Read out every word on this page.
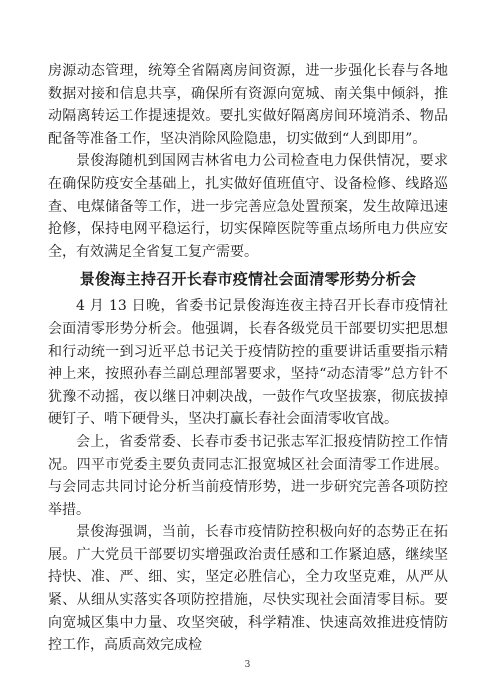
房源动态管理，统筹全省隔离房间资源，进一步强化长春与各地数据对接和信息共享，确保所有资源向宽城、南关集中倾斜，推动隔离转运工作提速提效。要扎实做好隔离房间环境消杀、物品配备等准备工作，坚决消除风险隐患，切实做到“人到即用”。

景俊海随机到国网吉林省电力公司检查电力保供情况，要求在确保防疫安全基础上，扎实做好值班值守、设备检修、线路巡查、电煤储备等工作，进一步完善应急处置预案，发生故障迅速抢修，保持电网平稳运行，切实保障医院等重点场所电力供应安全，有效满足全省复工复产需要。

景俊海主持召开长春市疫情社会面清零形势分析会

4 月 13 日晚，省委书记景俊海连夜主持召开长春市疫情社会面清零形势分析会。他强调，长春各级党员干部要切实把思想和行动统一到习近平总书记关于疫情防控的重要讲话重要指示精神上来，按照孙春兰副总理部署要求，坚持“动态清零”总方针不犹豫不动摇，夜以继日冲刺决战，一鼓作气攻坚拔寨，彻底拔掉硬钉子、啃下硬骨头，坚决打赢长春社会面清零收官战。

会上，省委常委、长春市委书记张志军汇报疫情防控工作情况。四平市党委主要负责同志汇报宽城区社会面清零工作进展。与会同志共同讨论分析当前疫情形势，进一步研究完善各项防控举措。

景俊海强调，当前，长春市疫情防控积极向好的态势正在拓展。广大党员干部要切实增强政治责任感和工作紧迫感，继续坚持快、准、严、细、实，坚定必胜信心，全力攻坚克难，从严从紧、从细从实落实各项防控措施，尽快实现社会面清零目标。要向宽城区集中力量、攻坚突破，科学精准、快速高效推进疫情防控工作，高质高效完成检

3
